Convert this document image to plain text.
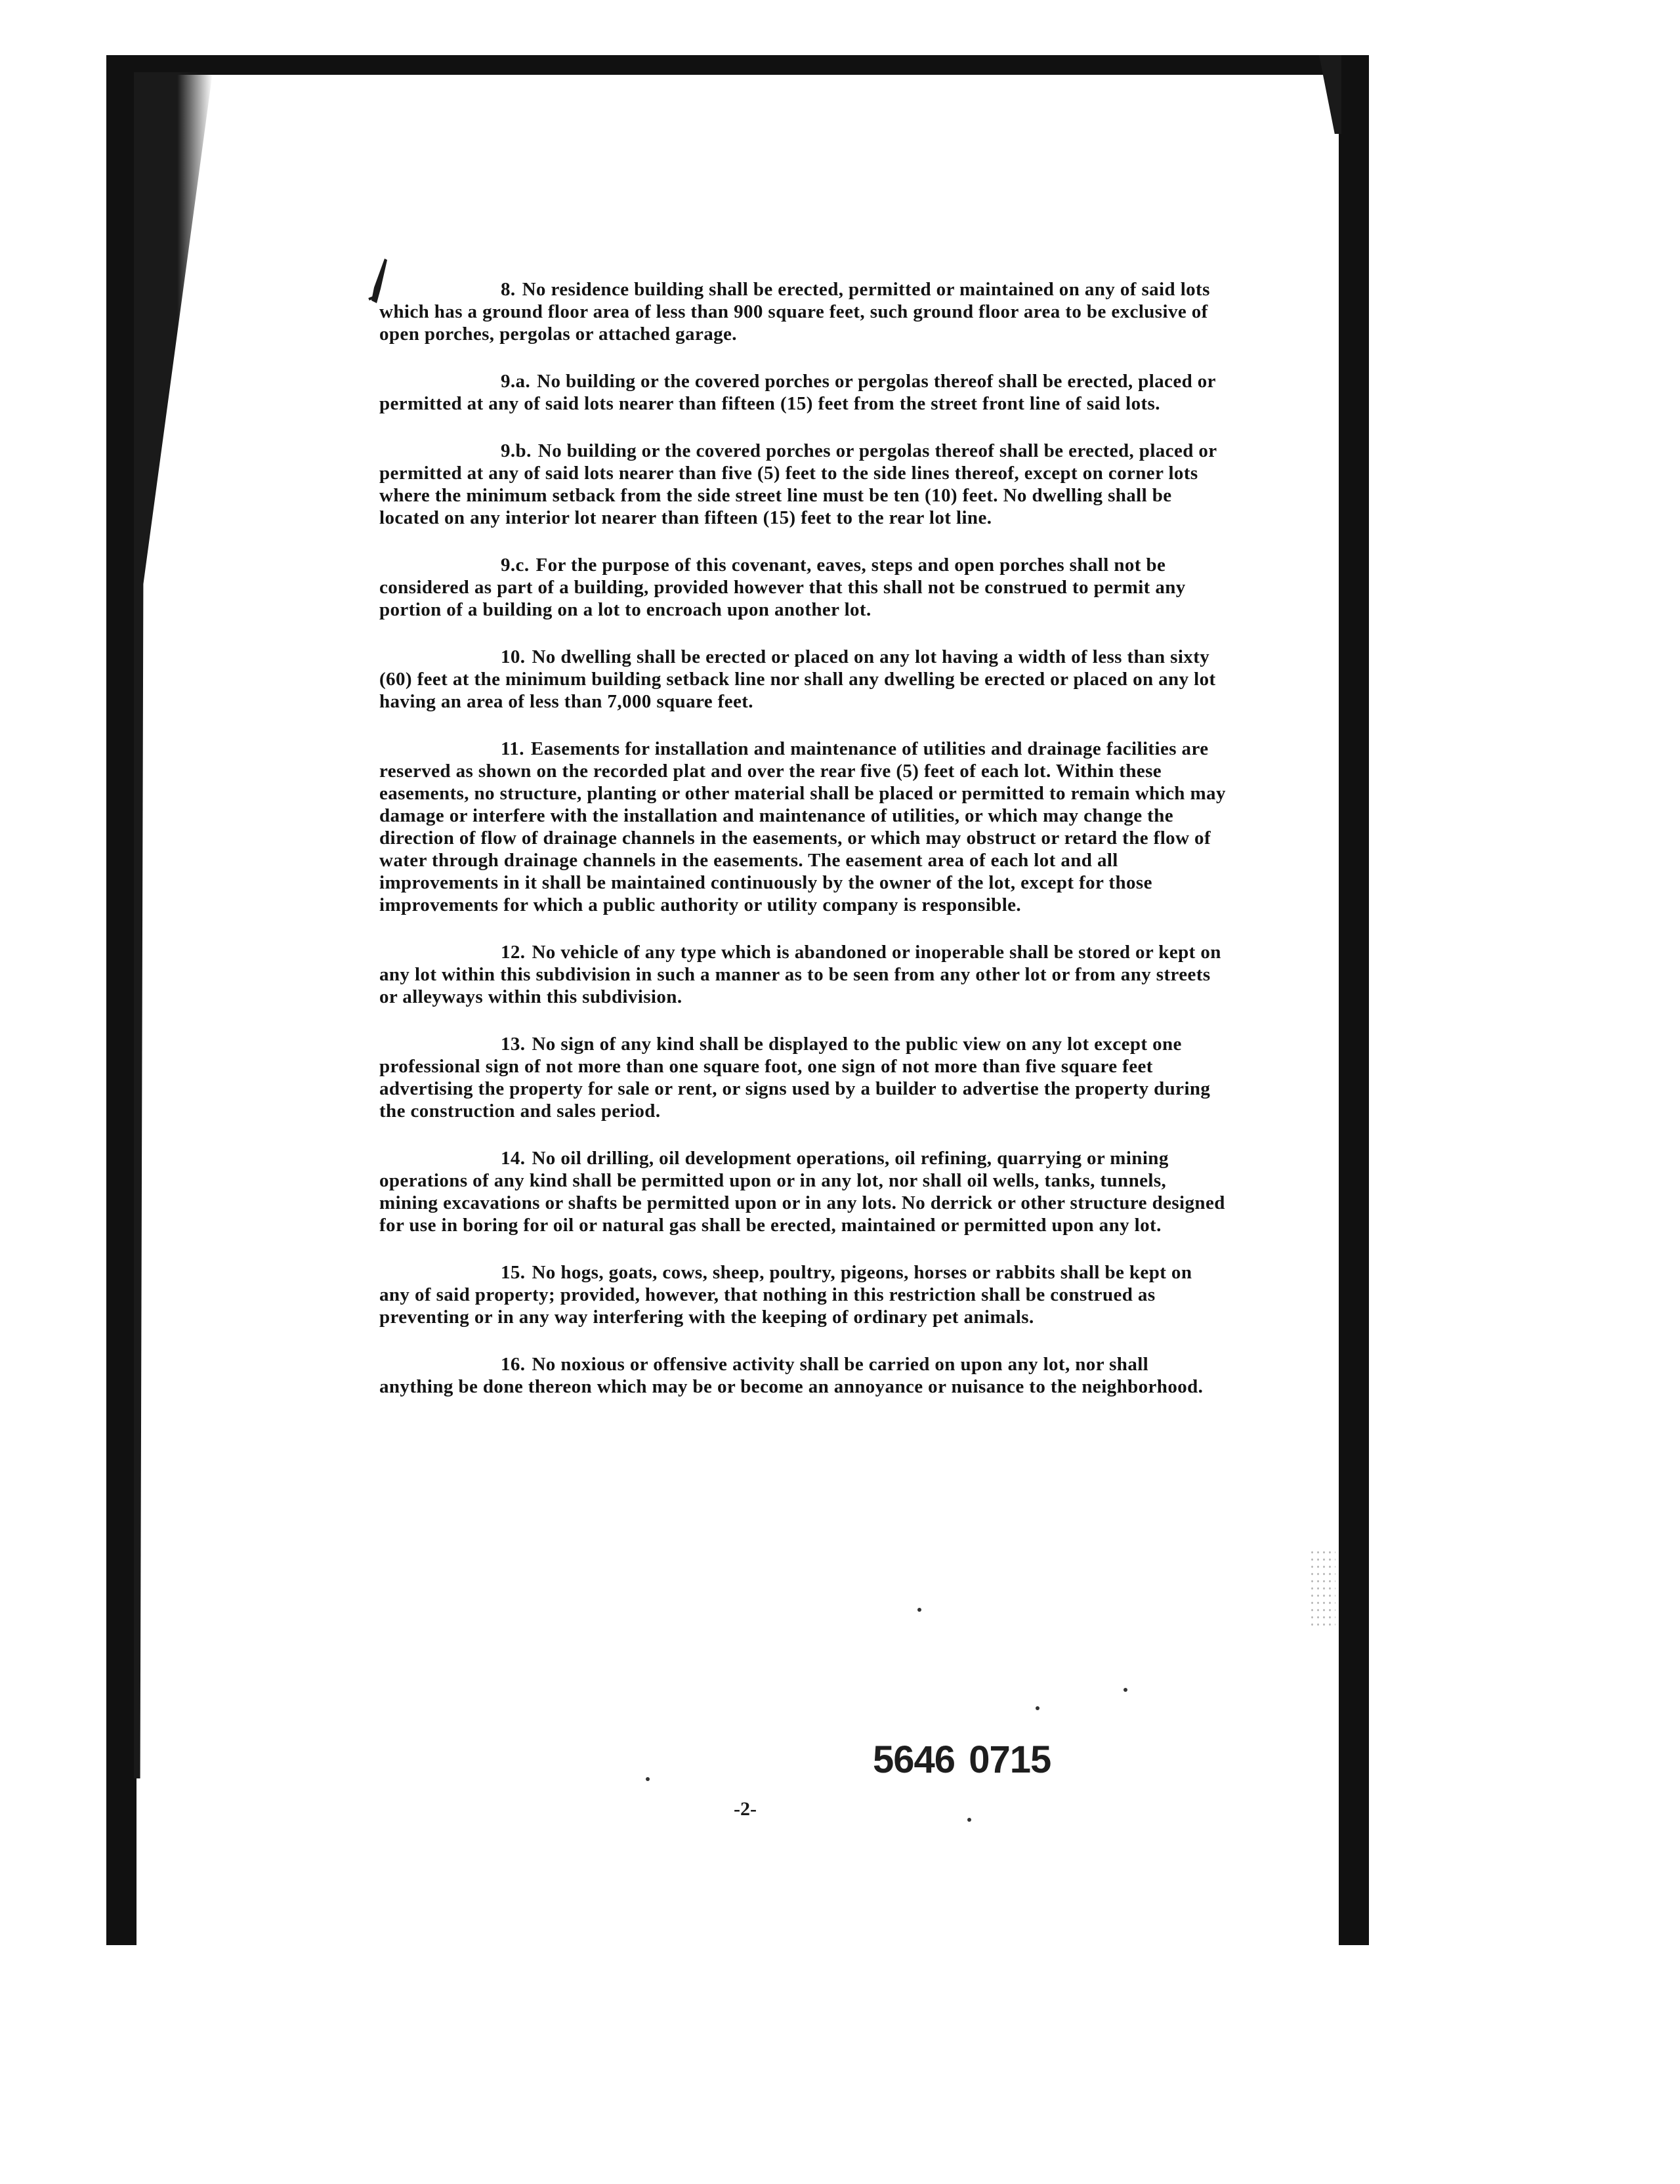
8. No residence building shall be erected, permitted or maintained on any of said lots which has a ground floor area of less than 900 square feet, such ground floor area to be exclusive of open porches, pergolas or attached garage.

9.a. No building or the covered porches or pergolas thereof shall be erected, placed or permitted at any of said lots nearer than fifteen (15) feet from the street front line of said lots.

9.b. No building or the covered porches or pergolas thereof shall be erected, placed or permitted at any of said lots nearer than five (5) feet to the side lines thereof, except on corner lots where the minimum setback from the side street line must be ten (10) feet. No dwelling shall be located on any interior lot nearer than fifteen (15) feet to the rear lot line.

9.c. For the purpose of this covenant, eaves, steps and open porches shall not be considered as part of a building, provided however that this shall not be construed to permit any portion of a building on a lot to encroach upon another lot.

10. No dwelling shall be erected or placed on any lot having a width of less than sixty (60) feet at the minimum building setback line nor shall any dwelling be erected or placed on any lot having an area of less than 7,000 square feet.

11. Easements for installation and maintenance of utilities and drainage facilities are reserved as shown on the recorded plat and over the rear five (5) feet of each lot. Within these easements, no structure, planting or other material shall be placed or permitted to remain which may damage or interfere with the installation and maintenance of utilities, or which may change the direction of flow of drainage channels in the easements, or which may obstruct or retard the flow of water through drainage channels in the easements. The easement area of each lot and all improvements in it shall be maintained continuously by the owner of the lot, except for those improvements for which a public authority or utility company is responsible.

12. No vehicle of any type which is abandoned or inoperable shall be stored or kept on any lot within this subdivision in such a manner as to be seen from any other lot or from any streets or alleyways within this subdivision.

13. No sign of any kind shall be displayed to the public view on any lot except one professional sign of not more than one square foot, one sign of not more than five square feet advertising the property for sale or rent, or signs used by a builder to advertise the property during the construction and sales period.

14. No oil drilling, oil development operations, oil refining, quarrying or mining operations of any kind shall be permitted upon or in any lot, nor shall oil wells, tanks, tunnels, mining excavations or shafts be permitted upon or in any lots. No derrick or other structure designed for use in boring for oil or natural gas shall be erected, maintained or permitted upon any lot.

15. No hogs, goats, cows, sheep, poultry, pigeons, horses or rabbits shall be kept on any of said property; provided, however, that nothing in this restriction shall be construed as preventing or in any way interfering with the keeping of ordinary pet animals.

16. No noxious or offensive activity shall be carried on upon any lot, nor shall anything be done thereon which may be or become an annoyance or nuisance to the neighborhood.

5646  0715
-2-
